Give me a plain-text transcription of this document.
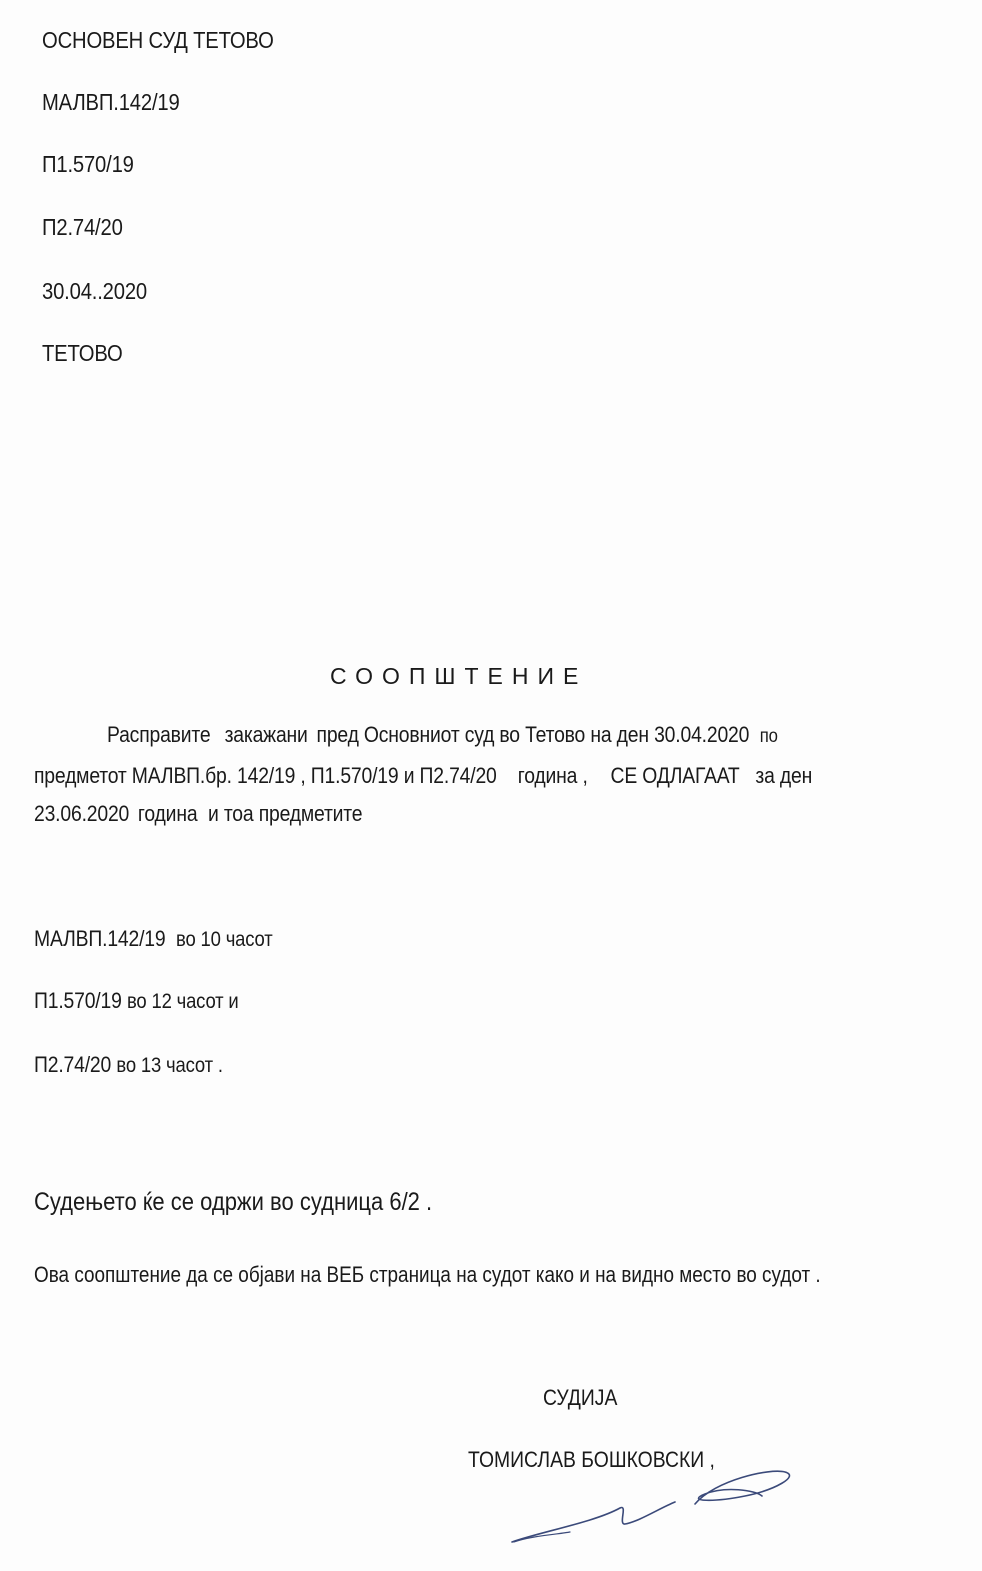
ОСНОВЕН СУД ТЕТОВО
МАЛВП.142/19
П1.570/19
П2.74/20
30.04..2020
ТЕТОВО
СООПШТЕНИЕ
Расправите закажани пред Основниот суд во Тетово на ден 30.04.2020 по
предметот МАЛВП.бр. 142/19 , П1.570/19 и П2.74/20 година , СЕ ОДЛАГААТ за ден
23.06.2020 година и тоа предметите
МАЛВП.142/19 во 10 часот
П1.570/19 во 12 часот и
П2.74/20 во 13 часот .
Судењето ќе се одржи во судница 6/2 .
Ова соопштение да се објави на ВЕБ страница на судот како и на видно место во судот .
СУДИЈА
ТОМИСЛАВ БОШКОВСКИ ,
